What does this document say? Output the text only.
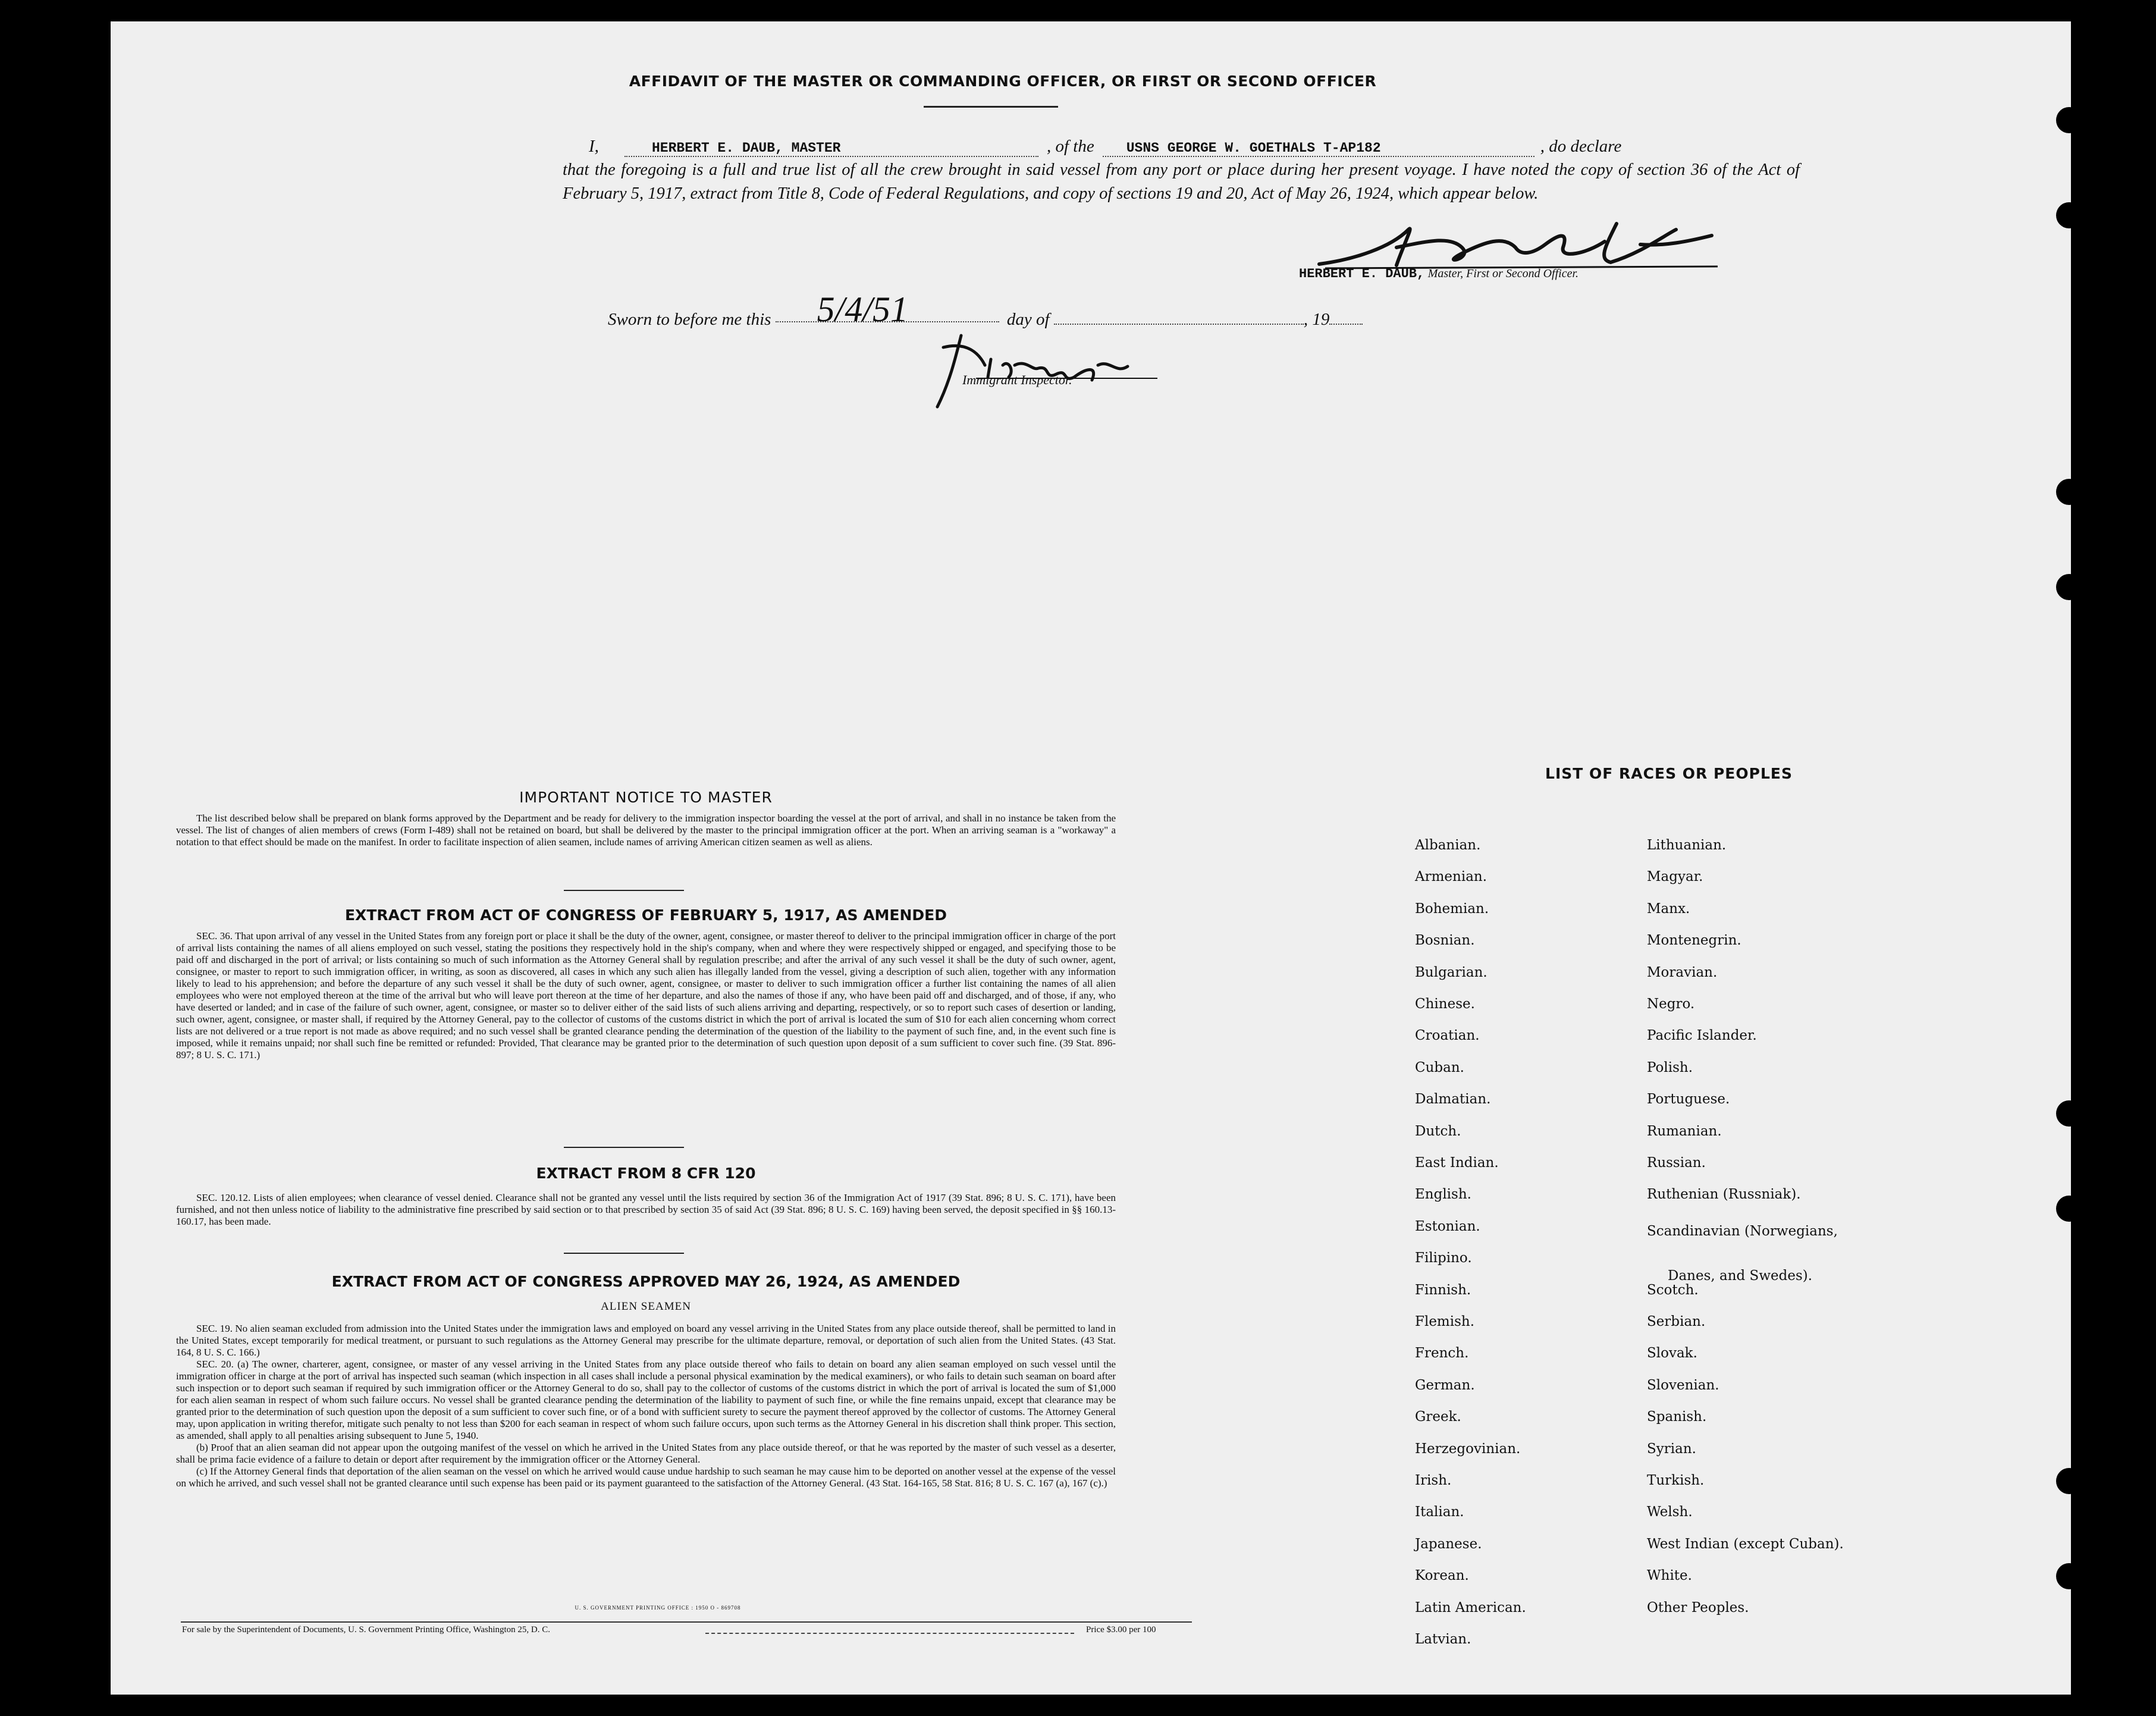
AFFIDAVIT OF THE MASTER OR COMMANDING OFFICER, OR FIRST OR SECOND OFFICER
I,	HERBERT E. DAUB, MASTER	, of the USNS GEORGE W. GOETHALS T-AP182	, do declare
that the foregoing is a full and true list of all the crew brought in said vessel from any port or place during her present voyage. I have noted the copy of section 36 of the Act of February 5, 1917, extract from Title 8, Code of Federal Regulations, and copy of sections 19 and 20, Act of May 26, 1924, which appear below.
HERBERT E. DAUB, Master, First or Second Officer.
Sworn to before me this 5/4/51	day of	, 19
Immigrant Inspector.
IMPORTANT NOTICE TO MASTER

The list described below shall be prepared on blank forms approved by the Department and be ready for delivery to the immigration inspector boarding the vessel at the port of arrival, and shall in no instance be taken from the vessel. The list of changes of alien members of crews (Form I-489) shall not be retained on board, but shall be delivered by the master to the principal immigration officer at the port. When an arriving seaman is a "workaway" a notation to that effect should be made on the manifest. In order to facilitate inspection of alien seamen, include names of arriving American citizen seamen as well as aliens.

EXTRACT FROM ACT OF CONGRESS OF FEBRUARY 5, 1917, AS AMENDED

SEC. 36. That upon arrival of any vessel in the United States from any foreign port or place it shall be the duty of the owner, agent, consignee, or master thereof to deliver to the principal immigration officer in charge of the port of arrival lists containing the names of all aliens employed on such vessel, stating the positions they respectively hold in the ship's company, when and where they were respectively shipped or engaged, and specifying those to be paid off and discharged in the port of arrival; or lists containing so much of such information as the Attorney General shall by regulation prescribe; and after the arrival of any such vessel it shall be the duty of such owner, agent, consignee, or master to report to such immigration officer, in writing, as soon as discovered, all cases in which any such alien has illegally landed from the vessel, giving a description of such alien, together with any information likely to lead to his apprehension; and before the departure of any such vessel it shall be the duty of such owner, agent, consignee, or master to deliver to such immigration officer a further list containing the names of all alien employees who were not employed thereon at the time of the arrival but who will leave port thereon at the time of her departure, and also the names of those if any, who have been paid off and discharged, and of those, if any, who have deserted or landed; and in case of the failure of such owner, agent, consignee, or master so to deliver either of the said lists of such aliens arriving and departing, respectively, or so to report such cases of desertion or landing, such owner, agent, consignee, or master shall, if required by the Attorney General, pay to the collector of customs of the customs district in which the port of arrival is located the sum of $10 for each alien concerning whom correct lists are not delivered or a true report is not made as above required; and no such vessel shall be granted clearance pending the determination of the question of the liability to the payment of such fine, and, in the event such fine is imposed, while it remains unpaid; nor shall such fine be remitted or refunded: Provided, That clearance may be granted prior to the determination of such question upon deposit of a sum sufficient to cover such fine. (39 Stat. 896-897; 8 U. S. C. 171.)

EXTRACT FROM 8 CFR 120

SEC. 120.12. Lists of alien employees; when clearance of vessel denied. Clearance shall not be granted any vessel until the lists required by section 36 of the Immigration Act of 1917 (39 Stat. 896; 8 U. S. C. 171), have been furnished, and not then unless notice of liability to the administrative fine prescribed by said section or to that prescribed by section 35 of said Act (39 Stat. 896; 8 U. S. C. 169) having been served, the deposit specified in §§ 160.13-160.17, has been made.

EXTRACT FROM ACT OF CONGRESS APPROVED MAY 26, 1924, AS AMENDED
ALIEN SEAMEN

SEC. 19. No alien seaman excluded from admission into the United States under the immigration laws and employed on board any vessel arriving in the United States from any place outside thereof, shall be permitted to land in the United States, except temporarily for medical treatment, or pursuant to such regulations as the Attorney General may prescribe for the ultimate departure, removal, or deportation of such alien from the United States. (43 Stat. 164, 8 U. S. C. 166.)

SEC. 20. (a) The owner, charterer, agent, consignee, or master of any vessel arriving in the United States from any place outside thereof who fails to detain on board any alien seaman employed on such vessel until the immigration officer in charge at the port of arrival has inspected such seaman (which inspection in all cases shall include a personal physical examination by the medical examiners), or who fails to detain such seaman on board after such inspection or to deport such seaman if required by such immigration officer or the Attorney General to do so, shall pay to the collector of customs of the customs district in which the port of arrival is located the sum of $1,000 for each alien seaman in respect of whom such failure occurs. No vessel shall be granted clearance pending the determination of the liability to payment of such fine, or while the fine remains unpaid, except that clearance may be granted prior to the determination of such question upon the deposit of a sum sufficient to cover such fine, or of a bond with sufficient surety to secure the payment thereof approved by the collector of customs. The Attorney General may, upon application in writing therefor, mitigate such penalty to not less than $200 for each seaman in respect of whom such failure occurs, upon such terms as the Attorney General in his discretion shall think proper. This section, as amended, shall apply to all penalties arising subsequent to June 5, 1940.

(b) Proof that an alien seaman did not appear upon the outgoing manifest of the vessel on which he arrived in the United States from any place outside thereof, or that he was reported by the master of such vessel as a deserter, shall be prima facie evidence of a failure to detain or deport after requirement by the immigration officer or the Attorney General.

(c) If the Attorney General finds that deportation of the alien seaman on the vessel on which he arrived would cause undue hardship to such seaman he may cause him to be deported on another vessel at the expense of the vessel on which he arrived, and such vessel shall not be granted clearance until such expense has been paid or its payment guaranteed to the satisfaction of the Attorney General. (43 Stat. 164-165, 58 Stat. 816; 8 U. S. C. 167 (a), 167 (c).)

U. S. GOVERNMENT PRINTING OFFICE : 1950 O - 869708
For sale by the Superintendent of Documents, U. S. Government Printing Office, Washington 25, D. C.	Price $3.00 per 100
LIST OF RACES OR PEOPLES
Albanian.
Armenian.
Bohemian.
Bosnian.
Bulgarian.
Chinese.
Croatian.
Cuban.
Dalmatian.
Dutch.
East Indian.
English.
Estonian.
Filipino.
Finnish.
Flemish.
French.
German.
Greek.
Herzegovinian.
Irish.
Italian.
Japanese.
Korean.
Latin American.
Latvian.
Lithuanian.
Magyar.
Manx.
Montenegrin.
Moravian.
Negro.
Pacific Islander.
Polish.
Portuguese.
Rumanian.
Russian.
Ruthenian (Russniak).
Scandinavian (Norwegians,
Danes, and Swedes).
Scotch.
Serbian.
Slovak.
Slovenian.
Spanish.
Syrian.
Turkish.
Welsh.
West Indian (except Cuban).
White.
Other Peoples.
